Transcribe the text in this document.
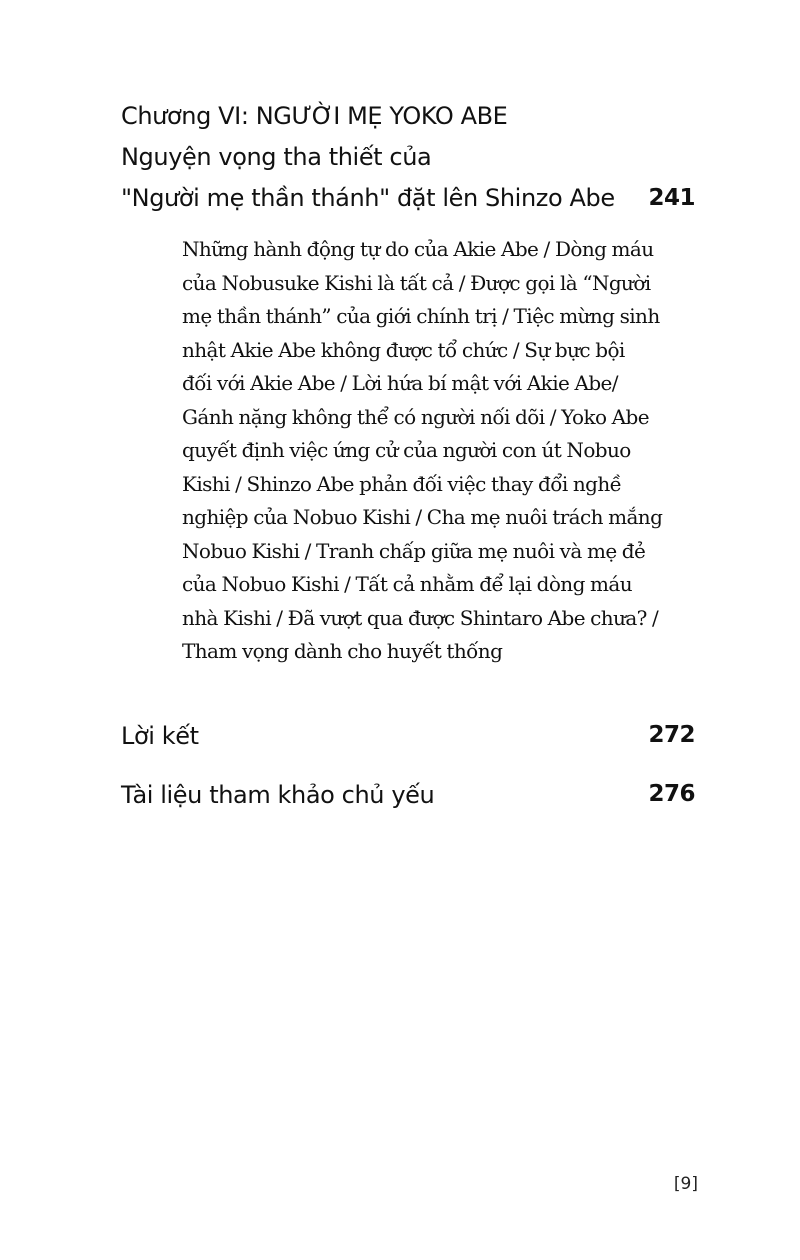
Chương VI: NGƯỜI MẸ YOKO ABE
Nguyện vọng tha thiết của
"Người mẹ thần thánh" đặt lên Shinzo Abe	241
Những hành động tự do của Akie Abe / Dòng máu
của Nobusuke Kishi là tất cả / Được gọi là “Người
mẹ thần thánh” của giới chính trị / Tiệc mừng sinh
nhật Akie Abe không được tổ chức / Sự bực bội
đối với Akie Abe / Lời hứa bí mật với Akie Abe/
Gánh nặng không thể có người nối dõi / Yoko Abe
quyết định việc ứng cử của người con út Nobuo
Kishi / Shinzo Abe phản đối việc thay đổi nghề
nghiệp của Nobuo Kishi / Cha mẹ nuôi trách mắng
Nobuo Kishi / Tranh chấp giữa mẹ nuôi và mẹ đẻ
của Nobuo Kishi / Tất cả nhằm để lại dòng máu
nhà Kishi / Đã vượt qua được Shintaro Abe chưa? /
Tham vọng dành cho huyết thống
Lời kết	272
Tài liệu tham khảo chủ yếu	276
[9]
